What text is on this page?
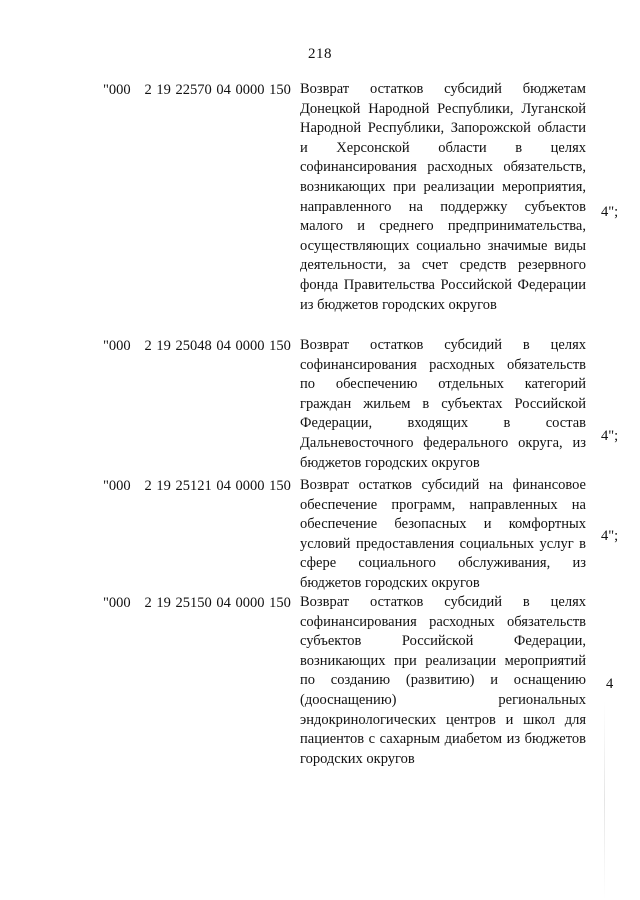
218
"000   2 19 22570 04 0000 150 Возврат остатков субсидий бюджетам Донецкой Народной Республики, Луганской Народной Республики, Запорожской области и Херсонской области в целях софинансирования расходных обязательств, возникающих при реализации мероприятия, направленного на поддержку субъектов малого и среднего предпринимательства, осуществляющих социально значимые виды деятельности, за счет средств резервного фонда Правительства Российской Федерации из бюджетов городских округов
4";
"000   2 19 25048 04 0000 150 Возврат остатков субсидий в целях софинансирования расходных обязательств по обеспечению отдельных категорий граждан жильем в субъектах Российской Федерации, входящих в состав Дальневосточного федерального округа, из бюджетов городских округов
4";
"000   2 19 25121 04 0000 150 Возврат остатков субсидий на финансовое обеспечение программ, направленных на обеспечение безопасных и комфортных условий предоставления социальных услуг в сфере социального обслуживания, из бюджетов городских округов
4";
"000   2 19 25150 04 0000 150 Возврат остатков субсидий в целях софинансирования расходных обязательств субъектов Российской Федерации, возникающих при реализации мероприятий по созданию (развитию) и оснащению (дооснащению) региональных эндокринологических центров и школ для пациентов с сахарным диабетом из бюджетов городских округов
4
